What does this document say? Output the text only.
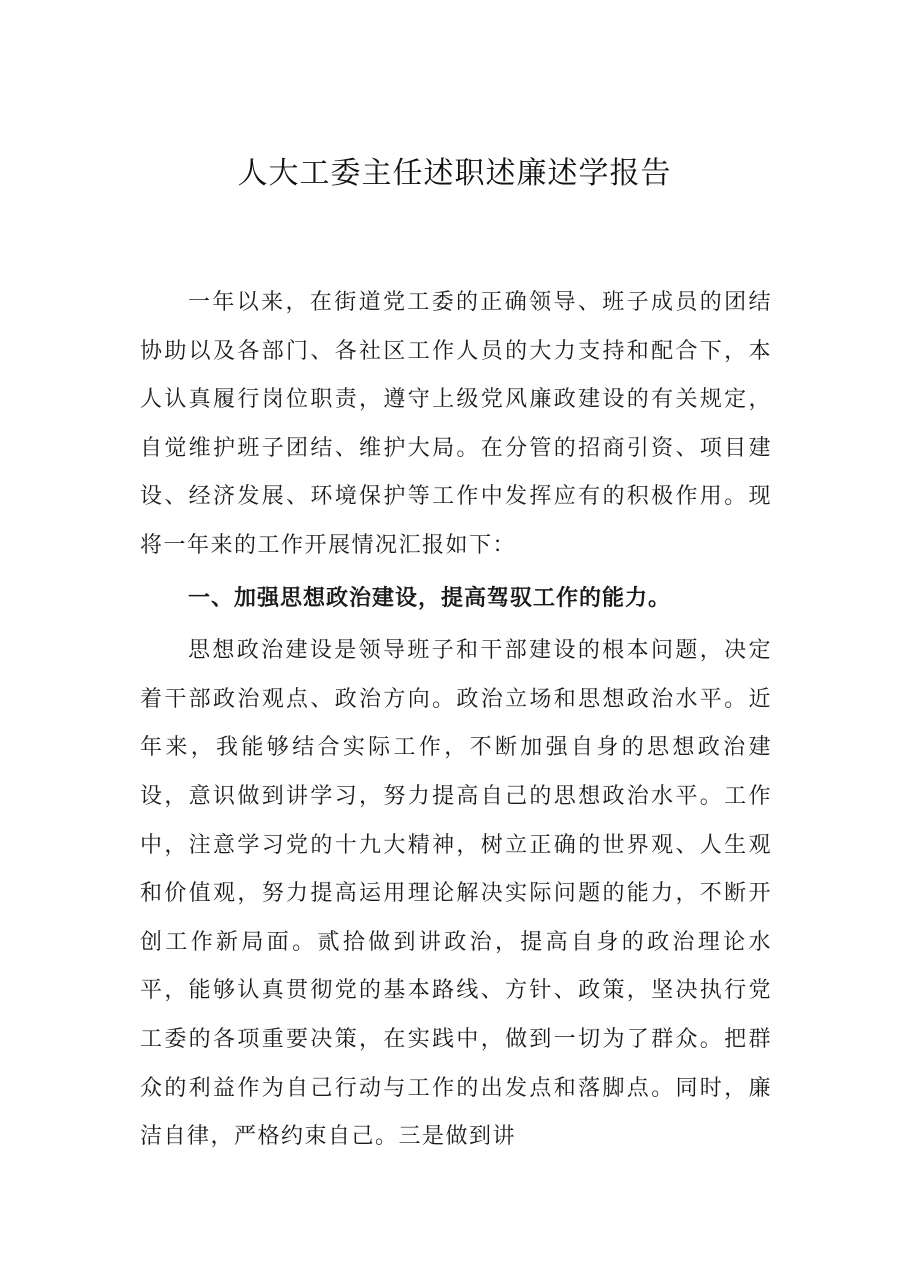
人大工委主任述职述廉述学报告

一年以来，在街道党工委的正确领导、班子成员的团结协助以及各部门、各社区工作人员的大力支持和配合下，本人认真履行岗位职责，遵守上级党风廉政建设的有关规定，自觉维护班子团结、维护大局。在分管的招商引资、项目建设、经济发展、环境保护等工作中发挥应有的积极作用。现将一年来的工作开展情况汇报如下：

一、加强思想政治建设，提高驾驭工作的能力。

思想政治建设是领导班子和干部建设的根本问题，决定着干部政治观点、政治方向。政治立场和思想政治水平。近年来，我能够结合实际工作，不断加强自身的思想政治建设，意识做到讲学习，努力提高自己的思想政治水平。工作中，注意学习党的十九大精神，树立正确的世界观、人生观和价值观，努力提高运用理论解决实际问题的能力，不断开创工作新局面。贰拾做到讲政治，提高自身的政治理论水平，能够认真贯彻党的基本路线、方针、政策，坚决执行党工委的各项重要决策，在实践中，做到一切为了群众。把群众的利益作为自己行动与工作的出发点和落脚点。同时，廉洁自律，严格约束自己。三是做到讲
